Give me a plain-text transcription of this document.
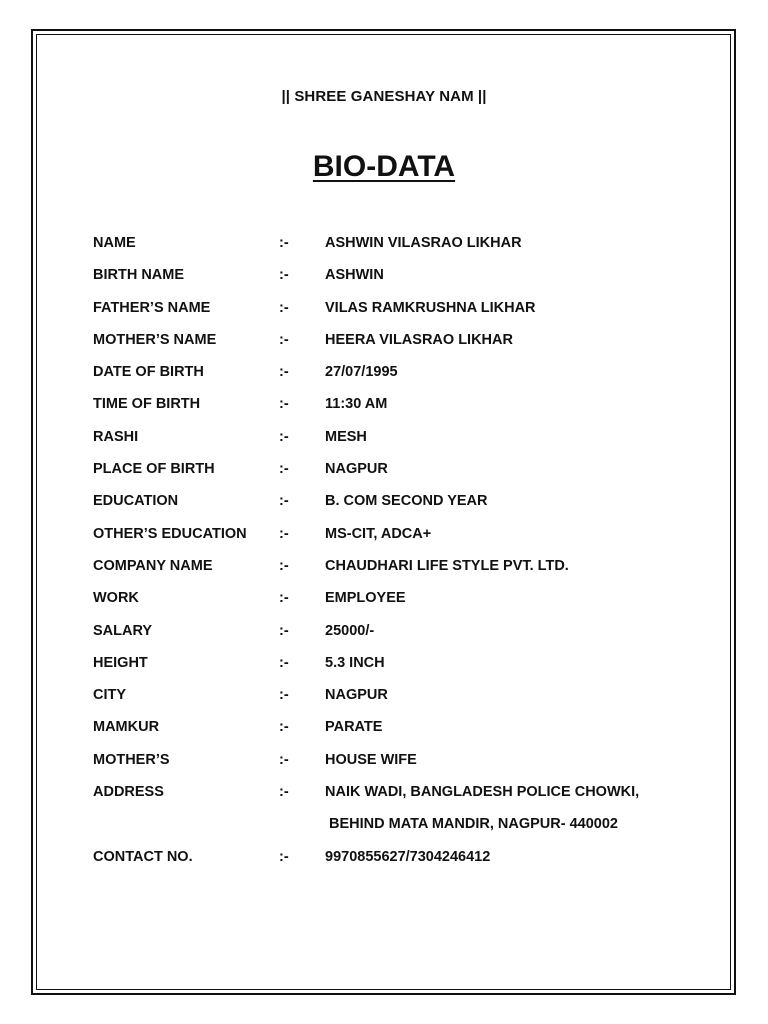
|| SHREE GANESHAY NAM ||
BIO-DATA
NAME	:-	ASHWIN VILASRAO LIKHAR
BIRTH NAME	:-	ASHWIN
FATHER’S NAME	:-	VILAS RAMKRUSHNA LIKHAR
MOTHER’S NAME	:-	HEERA VILASRAO LIKHAR
DATE OF BIRTH	:-	27/07/1995
TIME OF BIRTH	:-	11:30 AM
RASHI	:-	MESH
PLACE OF BIRTH	:-	NAGPUR
EDUCATION	:-	B. COM SECOND YEAR
OTHER’S EDUCATION :-	MS-CIT, ADCA+
COMPANY NAME	:-	CHAUDHARI LIFE STYLE PVT. LTD.
WORK	:-	EMPLOYEE
SALARY	:-	25000/-
HEIGHT	:-	5.3 INCH
CITY	:-	NAGPUR
MAMKUR	:-	PARATE
MOTHER’S	:-	HOUSE WIFE
ADDRESS	:-	NAIK WADI, BANGLADESH POLICE CHOWKI,
BEHIND MATA MANDIR, NAGPUR- 440002
CONTACT NO.	:-	9970855627/7304246412
